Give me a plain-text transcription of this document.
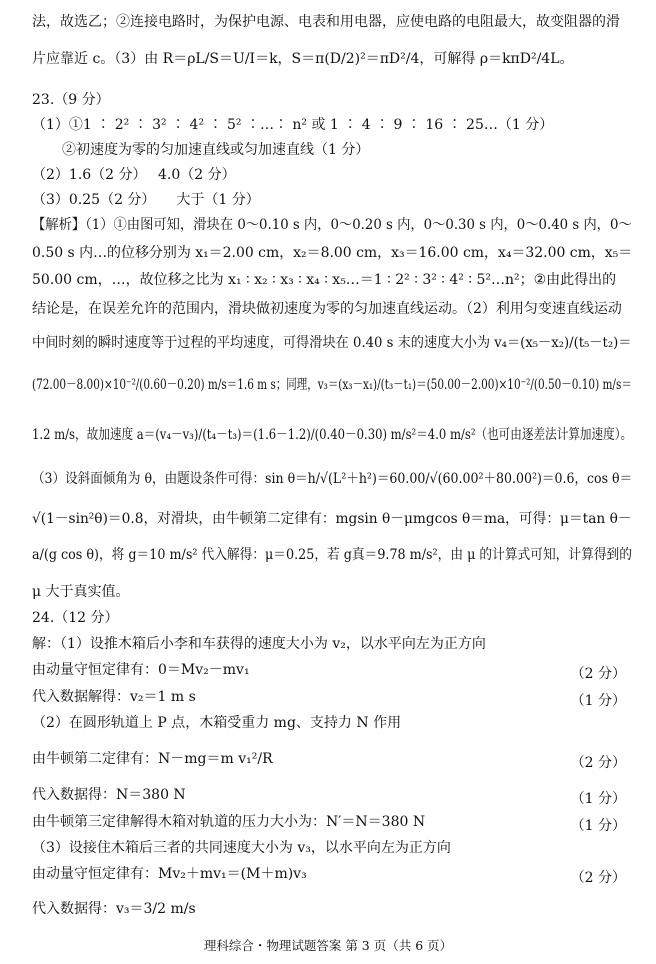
法，故选乙；②连接电路时，为保护电源、电表和用电器，应使电路的电阻最大，故变阻器的滑
片应靠近 c。（3）由 R＝ρL/S＝U/I＝k，S＝π(D/2)²＝πD²/4，可解得 ρ＝kπD²/4L。
23.（9 分）
（1）①1 ∶ 2² ∶ 3² ∶ 4² ∶ 5² ∶…∶ n² 或 1 ∶ 4 ∶ 9 ∶ 16 ∶ 25…（1 分）
②初速度为零的匀加速直线或匀加速直线（1 分）
（2）1.6（2 分）　 4.0（2 分）
（3）0.25（2 分）　　大于（1 分）
【解析】（1）①由图可知，滑块在 0～0.10 s 内，0～0.20 s 内，0～0.30 s 内，0～0.40 s 内，0～
0.50 s 内…的位移分别为 x₁＝2.00 cm，x₂＝8.00 cm，x₃＝16.00 cm，x₄＝32.00 cm，x₅＝
50.00 cm，…，故位移之比为 x₁ ∶ x₂ ∶ x₃ ∶ x₄ ∶ x₅…＝1 ∶ 2² ∶ 3² ∶ 4² ∶ 5²…n²；②由此得出的
结论是，在误差允许的范围内，滑块做初速度为零的匀加速直线运动。（2）利用匀变速直线运动
中间时刻的瞬时速度等于过程的平均速度，可得滑块在 0.40 s 末的速度大小为 v₄＝(x₅－x₂)/(t₅－t₂)＝
(72.00－8.00)×10⁻²/(0.60－0.20) m/s＝1.6 m s；同理，v₃＝(x₃－x₁)/(t₃－t₁)＝(50.00－2.00)×10⁻²/(0.50－0.10) m/s＝
1.2 m/s，故加速度 a＝(v₄－v₃)/(t₄－t₃)＝(1.6－1.2)/(0.40－0.30) m/s²＝4.0 m/s²（也可由逐差法计算加速度）。
（3）设斜面倾角为 θ，由题设条件可得：sin θ＝h/√(L²＋h²)＝60.00/√(60.00²＋80.00²)＝0.6，cos θ＝
√(1－sin²θ)＝0.8，对滑块，由牛顿第二定律有：mgsin θ－μmgcos θ＝ma，可得：μ＝tan θ－
a/(g cos θ)，将 g＝10 m/s² 代入解得：μ＝0.25，若 g真＝9.78 m/s²，由 μ 的计算式可知，计算得到的
μ 大于真实值。
24.（12 分）
解：（1）设推木箱后小李和车获得的速度大小为 v₂，以水平向左为正方向
由动量守恒定律有：0＝Mv₂－mv₁
代入数据解得：v₂＝1 m s
（2）在圆形轨道上 P 点，木箱受重力 mg、支持力 N 作用
由牛顿第二定律有：N－mg＝m v₁²/R
代入数据得：N＝380 N
由牛顿第三定律解得木箱对轨道的压力大小为：N′＝N＝380 N
（3）设接住木箱后三者的共同速度大小为 v₃，以水平向左为正方向
由动量守恒定律有：Mv₂＋mv₁＝(M＋m)v₃
代入数据得：v₃＝3/2 m/s
（2 分）
（1 分）
（2 分）
（1 分）
（1 分）
（2 分）
理科综合・物理试题答案 第 3 页（共 6 页）
